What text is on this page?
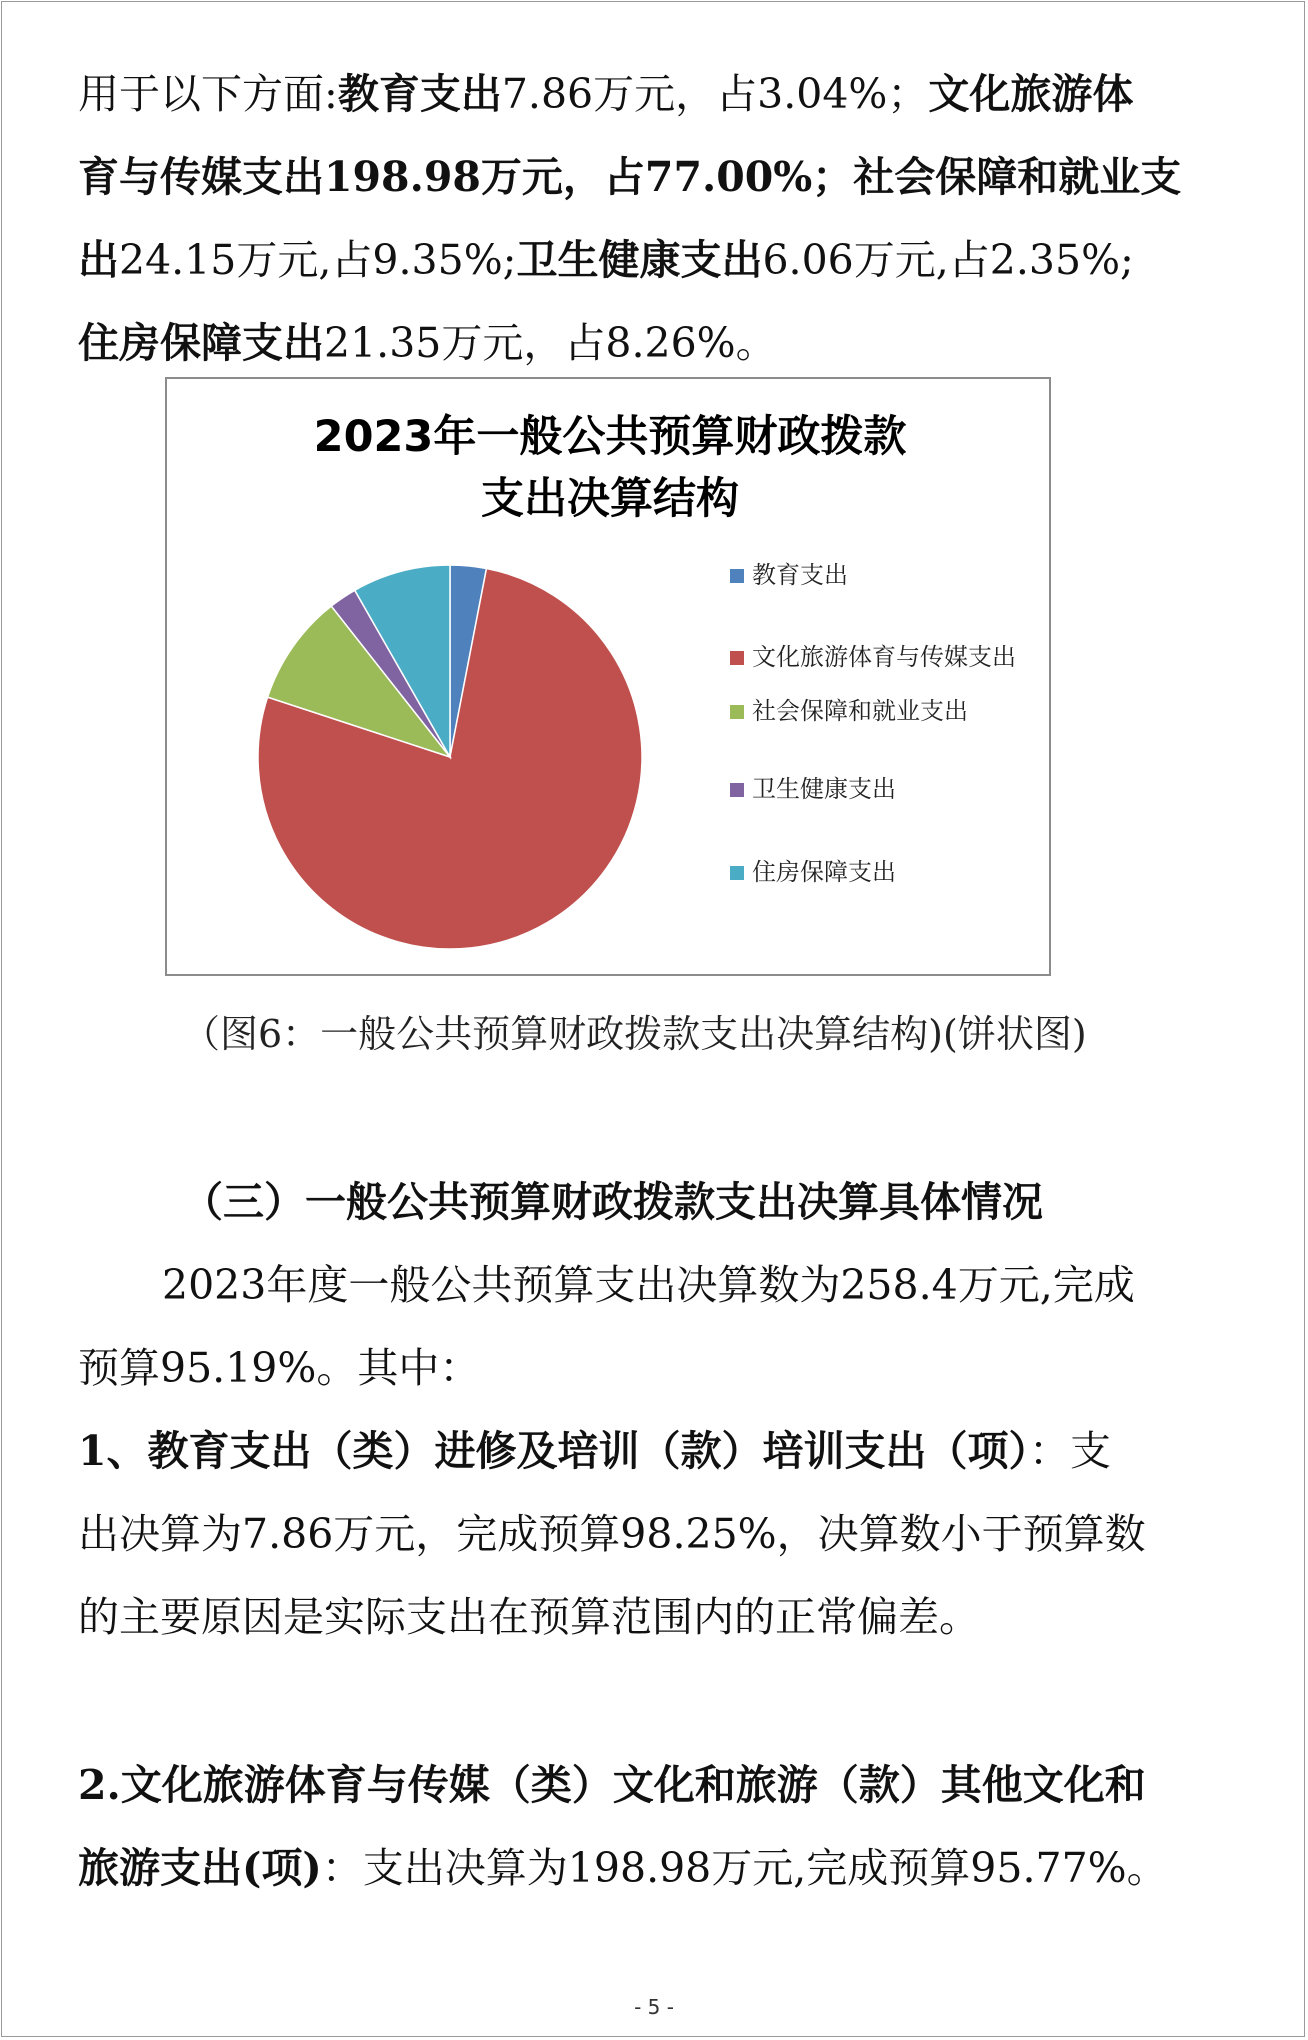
用于以下方面:教育支出7.86万元，占3.04%；文化旅游体
育与传媒支出198.98万元，占77.00%；社会保障和就业支
出24.15万元,占9.35%;卫生健康支出6.06万元,占2.35%;
住房保障支出21.35万元，占8.26%。
2023年一般公共预算财政拨款
支出决算结构
教育支出
文化旅游体育与传媒支出
社会保障和就业支出
卫生健康支出
住房保障支出
（图6：一般公共预算财政拨款支出决算结构)(饼状图)
（三）一般公共预算财政拨款支出决算具体情况
2023年度一般公共预算支出决算数为258.4万元,完成
预算95.19%。其中：
1、教育支出（类）进修及培训（款）培训支出（项）：支
出决算为7.86万元，完成预算98.25%，决算数小于预算数
的主要原因是实际支出在预算范围内的正常偏差。
2.文化旅游体育与传媒（类）文化和旅游（款）其他文化和
旅游支出(项)：支出决算为198.98万元,完成预算95.77%。
- 5 -
